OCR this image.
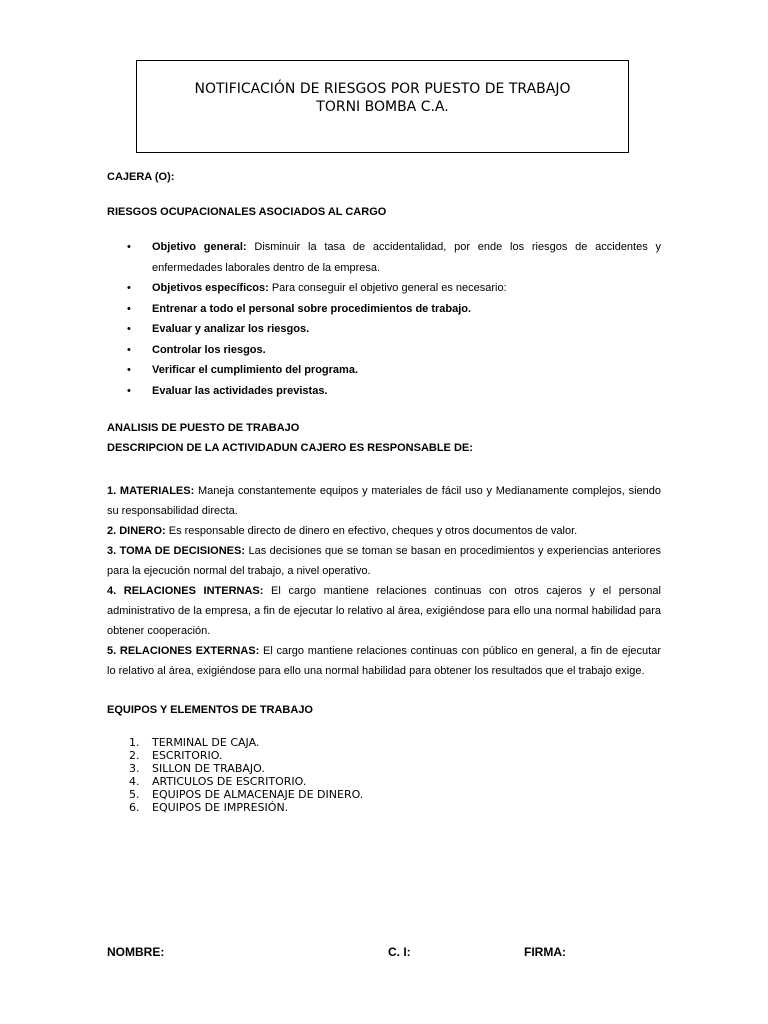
NOTIFICACIÓN DE RIESGOS POR PUESTO DE TRABAJO
TORNI BOMBA C.A.

CAJERA (O):

RIESGOS OCUPACIONALES ASOCIADOS AL CARGO

• Objetivo general: Disminuir la tasa de accidentalidad, por ende los riesgos de accidentes y enfermedades laborales dentro de la empresa.
• Objetivos específicos: Para conseguir el objetivo general es necesario:
• Entrenar a todo el personal sobre procedimientos de trabajo.
• Evaluar y analizar los riesgos.
• Controlar los riesgos.
• Verificar el cumplimiento del programa.
• Evaluar las actividades previstas.

ANALISIS DE PUESTO DE TRABAJO

DESCRIPCION DE LA ACTIVIDADUN CAJERO ES RESPONSABLE DE:

1. MATERIALES: Maneja constantemente equipos y materiales de fácil uso y Medianamente complejos, siendo su responsabilidad directa.

2. DINERO: Es responsable directo de dinero en efectivo, cheques y otros documentos de valor.

3. TOMA DE DECISIONES: Las decisiones que se toman se basan en procedimientos y experiencias anteriores para la ejecución normal del trabajo, a nivel operativo.

4. RELACIONES INTERNAS: El cargo mantiene relaciones continuas con otros cajeros y el personal administrativo de la empresa, a fin de ejecutar lo relativo al área, exigiéndose para ello una normal habilidad para obtener cooperación.

5. RELACIONES EXTERNAS: El cargo mantiene relaciones continuas con público en general, a fin de ejecutar lo relativo al área, exigiéndose para ello una normal habilidad para obtener los resultados que el trabajo exige.

EQUIPOS Y ELEMENTOS DE TRABAJO

1. TERMINAL DE CAJA.
2. ESCRITORIO.
3. SILLON DE TRABAJO.
4. ARTICULOS DE ESCRITORIO.
5. EQUIPOS DE ALMACENAJE DE DINERO.
6. EQUIPOS DE IMPRESIÓN.
NOMBRE:	C. I:	FIRMA:
